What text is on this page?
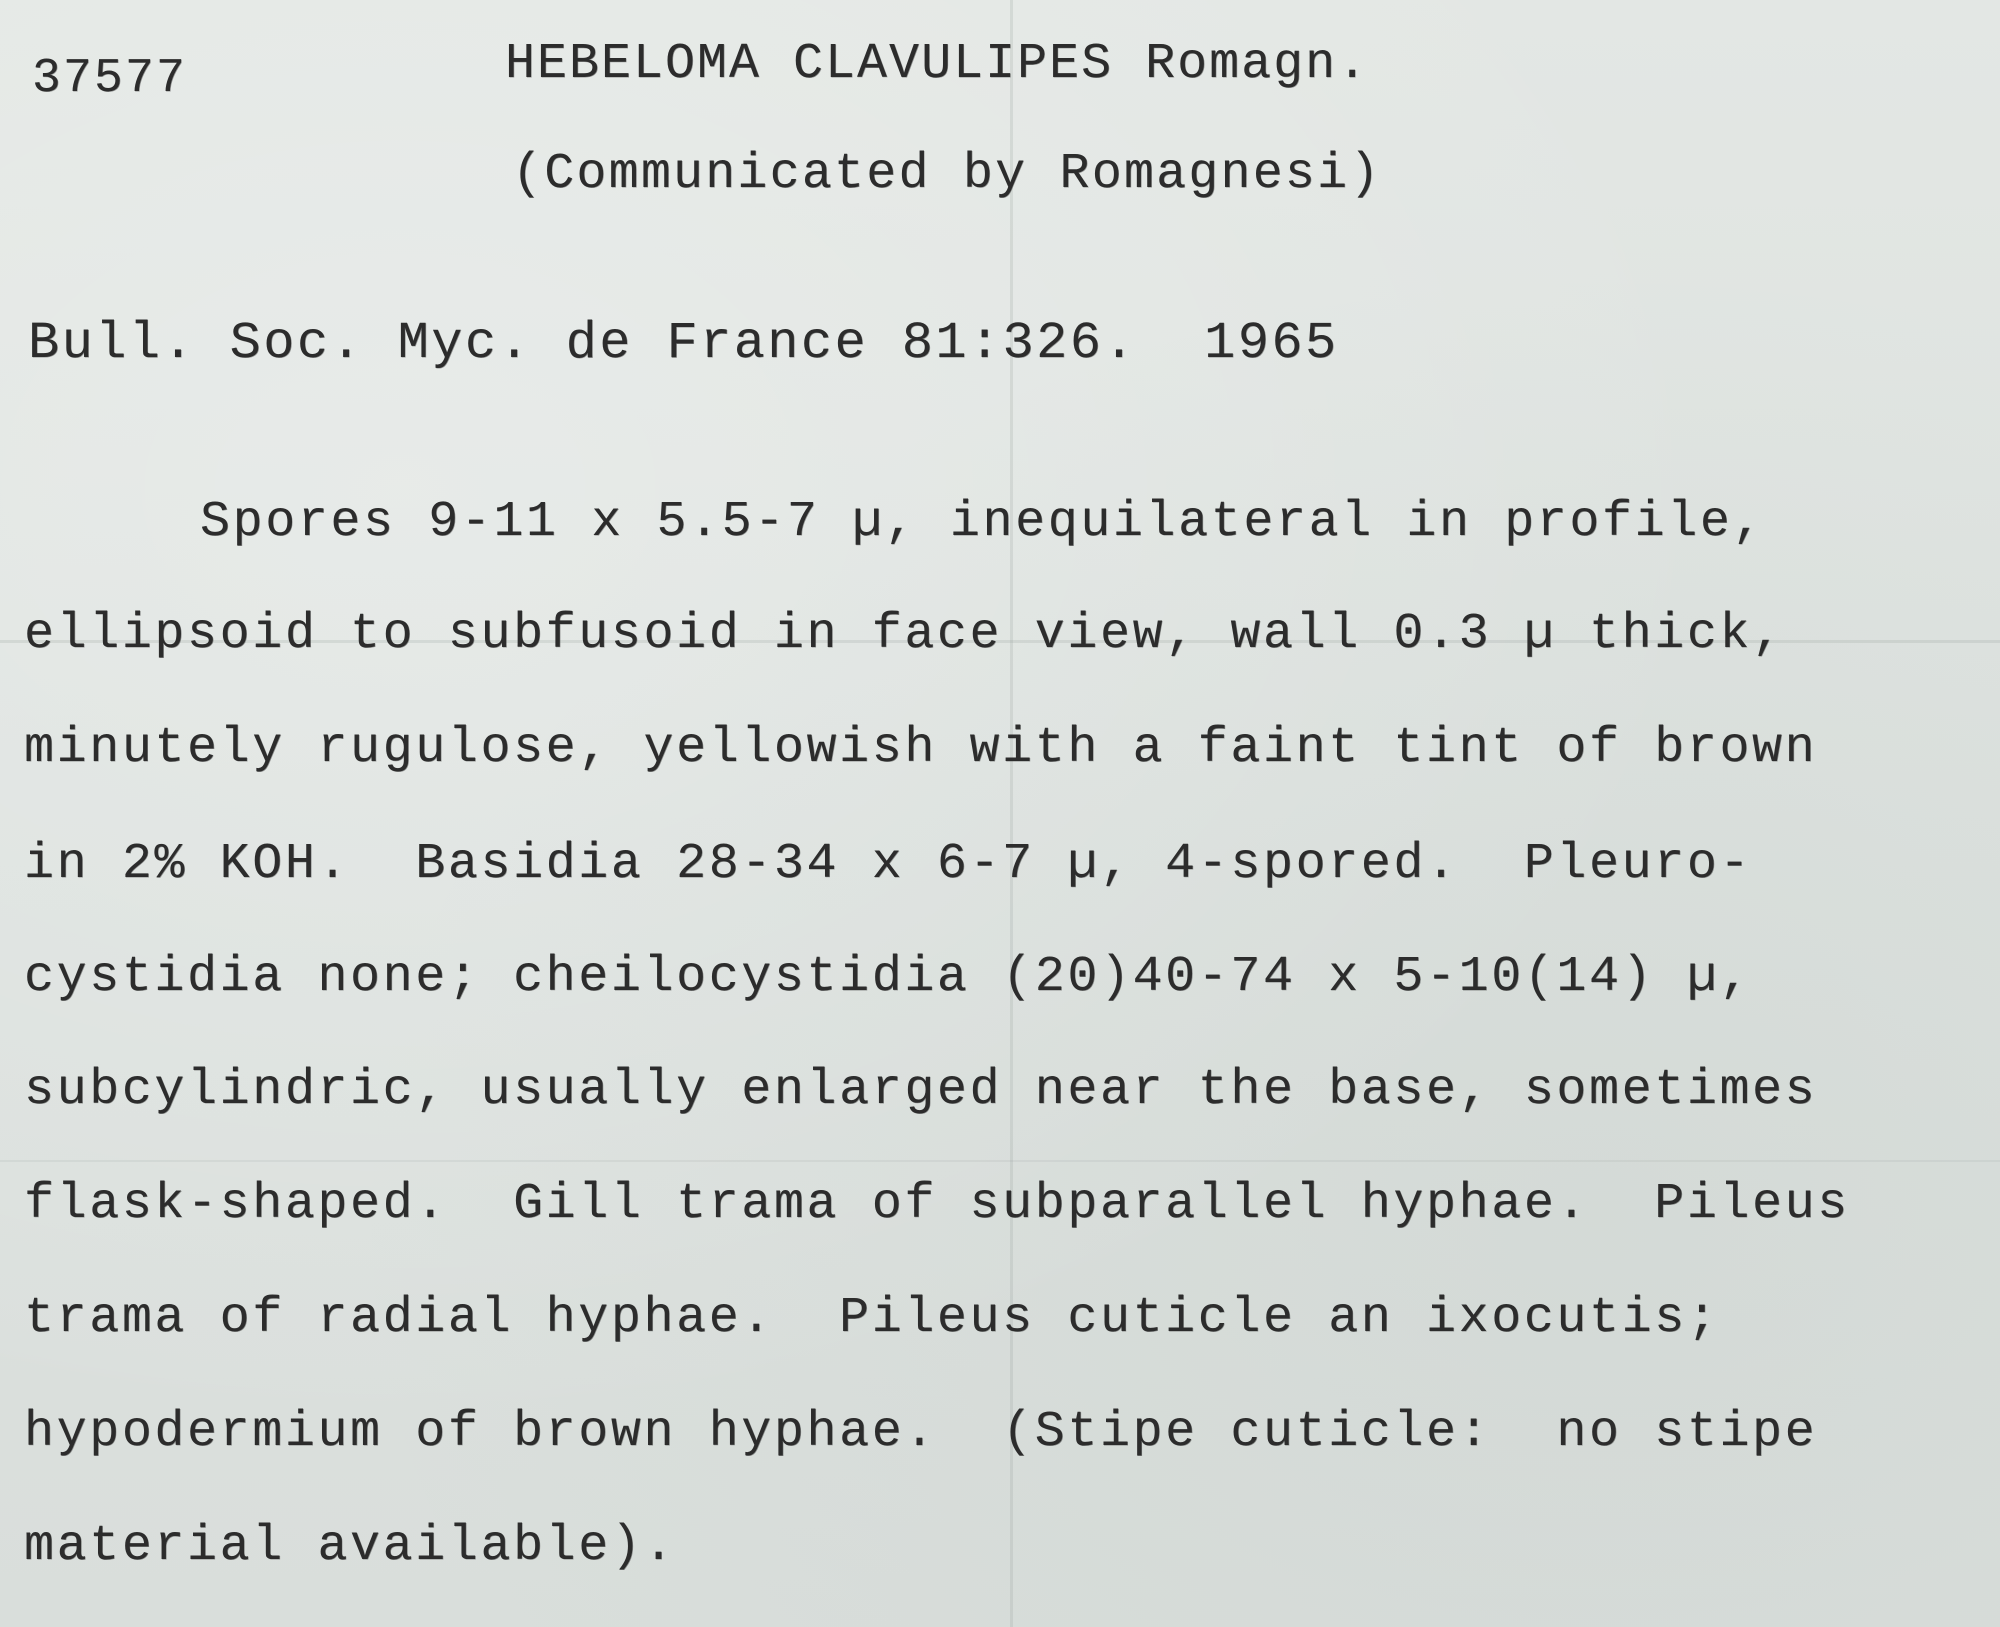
37577	HEBELOMA CLAVULIPES Romagn.
(Communicated by Romagnesi)
Bull. Soc. Myc. de France 81:326.  1965
Spores 9-11 x 5.5-7 µ, inequilateral in profile,
ellipsoid to subfusoid in face view, wall 0.3 µ thick,
minutely rugulose, yellowish with a faint tint of brown
in 2% KOH.  Basidia 28-34 x 6-7 µ, 4-spored.  Pleuro-
cystidia none; cheilocystidia (20)40-74 x 5-10(14) µ,
subcylindric, usually enlarged near the base, sometimes
flask-shaped.  Gill trama of subparallel hyphae.  Pileus
trama of radial hyphae.  Pileus cuticle an ixocutis;
hypodermium of brown hyphae.  (Stipe cuticle:  no stipe
material available).
